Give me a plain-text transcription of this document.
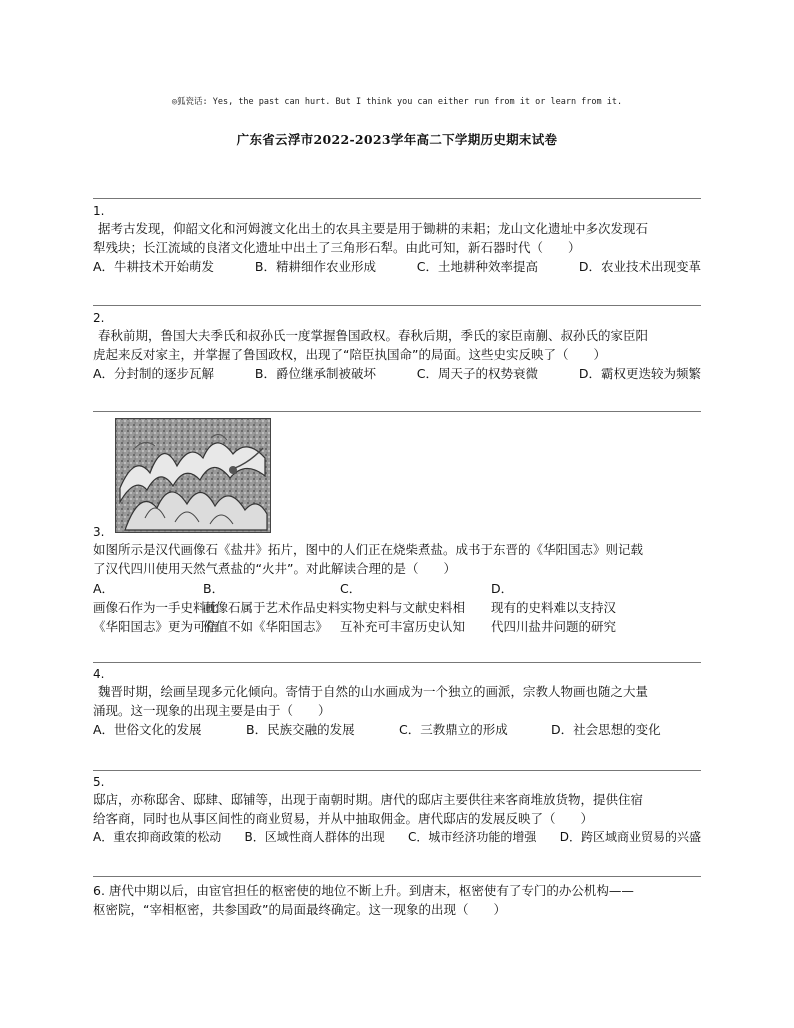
◎狐瓷话: Yes, the past can hurt. But I think you can either run from it or learn from it.
广东省云浮市2022-2023学年高二下学期历史期末试卷
1.
据考古发现，仰韶文化和河姆渡文化出土的农具主要是用于锄耕的耒耜；龙山文化遗址中多次发现石
犁残块；长江流域的良渚文化遗址中出土了三角形石犁。由此可知，新石器时代（　　）
A．牛耕技术开始萌发	B．精耕细作农业形成	C．土地耕种效率提高	D．农业技术出现变革
2.
春秋前期，鲁国大夫季氏和叔孙氏一度掌握鲁国政权。春秋后期，季氏的家臣南蒯、叔孙氏的家臣阳
虎起来反对家主，并掌握了鲁国政权，出现了“陪臣执国命”的局面。这些史实反映了（　　）
A．分封制的逐步瓦解	B．爵位继承制被破坏	C．周天子的权势衰微	D．霸权更迭较为频繁
3.
如图所示是汉代画像石《盐井》拓片，图中的人们正在烧柴煮盐。成书于东晋的《华阳国志》则记载
了汉代四川使用天然气煮盐的“火井”。对此解读合理的是（　　）
A．
画像石作为一手史料比
《华阳国志》更为可信
B．
画像石属于艺术作品史料
价值不如《华阳国志》
C．
实物史料与文献史料相
互补充可丰富历史认知
D．
现有的史料难以支持汉
代四川盐井问题的研究
4.
魏晋时期，绘画呈现多元化倾向。寄情于自然的山水画成为一个独立的画派，宗教人物画也随之大量
涌现。这一现象的出现主要是由于（　　）
A．世俗文化的发展	B．民族交融的发展	C．三教鼎立的形成	D．社会思想的变化
5.
邸店，亦称邸舍、邸肆、邸铺等，出现于南朝时期。唐代的邸店主要供往来客商堆放货物，提供住宿
给客商，同时也从事区间性的商业贸易，并从中抽取佣金。唐代邸店的发展反映了（　　）
A．重农抑商政策的松动 B．区域性商人群体的出现 C．城市经济功能的增强 D．跨区域商业贸易的兴盛
6. 唐代中期以后，由宦官担任的枢密使的地位不断上升。到唐末，枢密使有了专门的办公机构——
枢密院，“宰相枢密，共参国政”的局面最终确定。这一现象的出现（　　）
